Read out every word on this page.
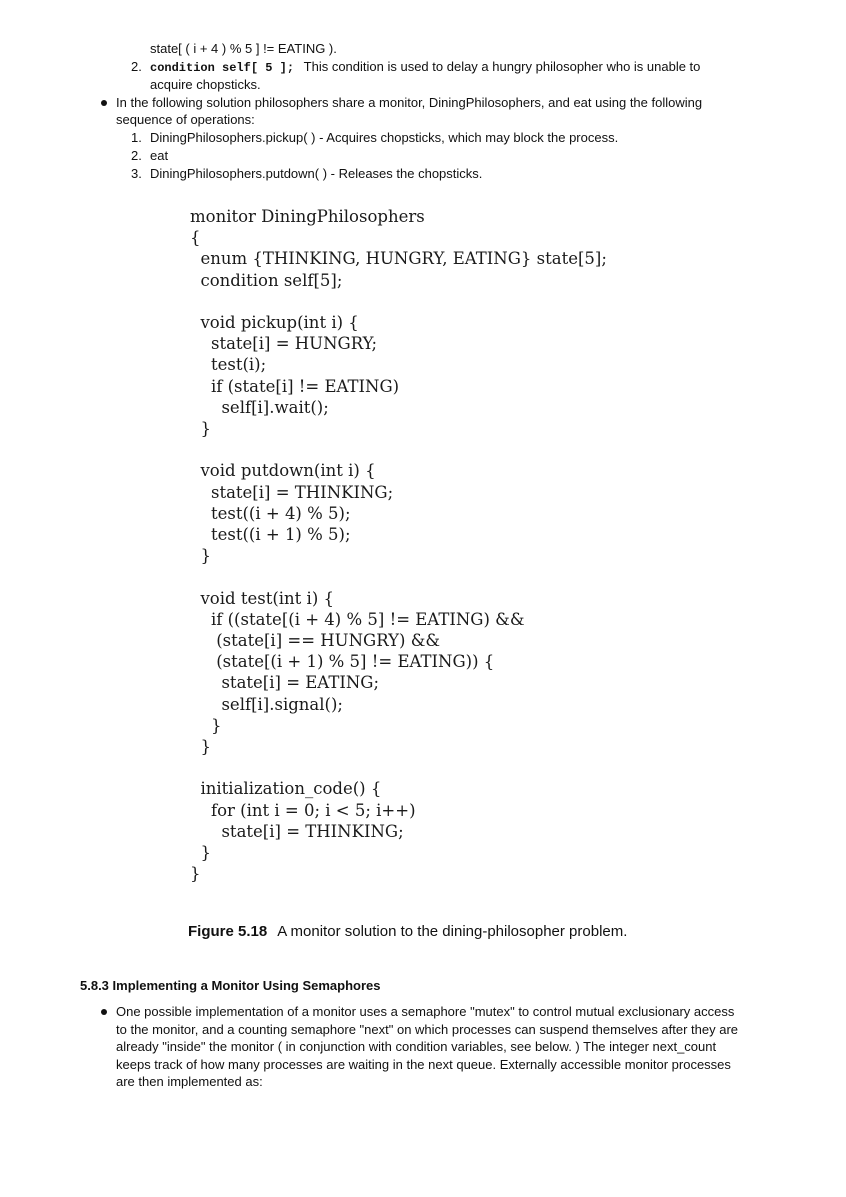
state[ ( i + 4 ) % 5 ] != EATING ).

2. condition self[ 5 ]; This condition is used to delay a hungry philosopher who is unable to

acquire chopsticks.

In the following solution philosophers share a monitor, DiningPhilosophers, and eat using the following

sequence of operations:

1. DiningPhilosophers.pickup( ) - Acquires chopsticks, which may block the process.

2. eat

3. DiningPhilosophers.putdown( ) - Releases the chopsticks.

monitor DiningPhilosophers
{
enum {THINKING, HUNGRY, EATING} state[5];
condition self[5];

void pickup(int i) {
state[i] = HUNGRY;
test(i);
if (state[i] != EATING)
self[i].wait();
}

void putdown(int i) {
state[i] = THINKING;
test((i + 4) % 5);
test((i + 1) % 5);
}

void test(int i) {
if ((state[(i + 4) % 5] != EATING) &&
(state[i] == HUNGRY) &&
(state[(i + 1) % 5] != EATING)) {
state[i] = EATING;
self[i].signal();
}
}

initialization_code() {
for (int i = 0; i < 5; i++)
state[i] = THINKING;
}
}

Figure 5.18 A monitor solution to the dining-philosopher problem.

5.8.3 Implementing a Monitor Using Semaphores

One possible implementation of a monitor uses a semaphore "mutex" to control mutual exclusionary access
to the monitor, and a counting semaphore "next" on which processes can suspend themselves after they are
already "inside" the monitor ( in conjunction with condition variables, see below. ) The integer next_count
keeps track of how many processes are waiting in the next queue. Externally accessible monitor processes
are then implemented as:
